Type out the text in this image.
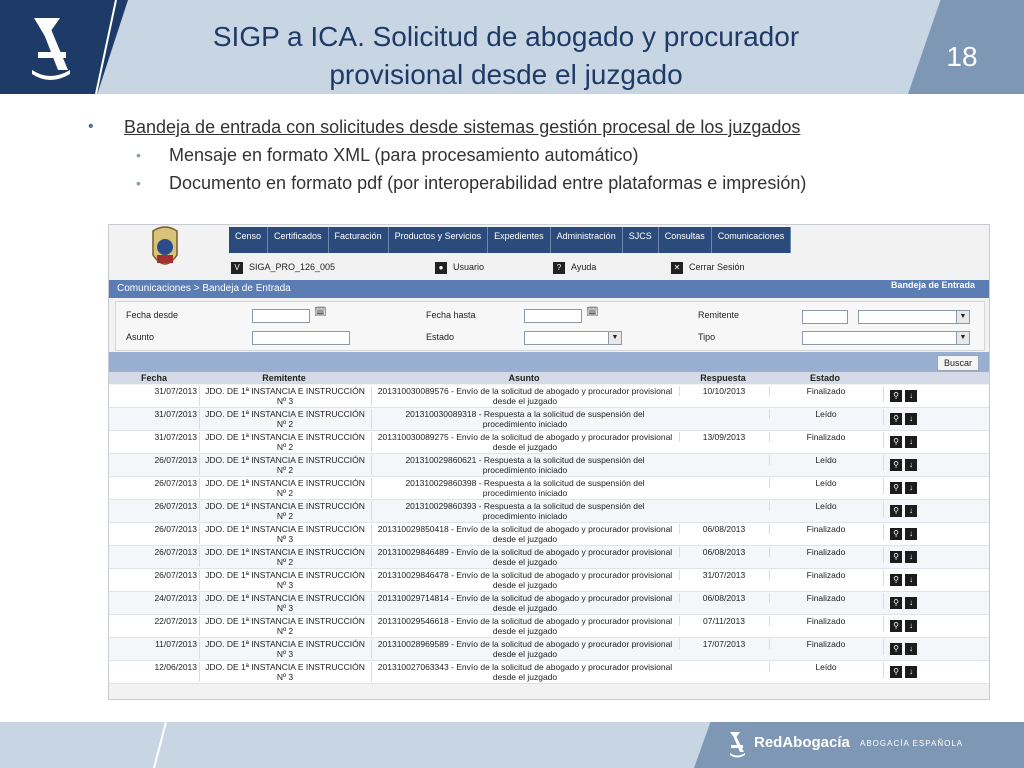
SIGP a ICA. Solicitud de abogado y procurador
provisional desde el juzgado
18
• Bandeja de entrada con solicitudes desde sistemas gestión procesal de los juzgados
• Mensaje en formato XML (para procesamiento automático)
• Documento en formato pdf (por interoperabilidad entre plataformas e impresión)
Censo	Certificados	Facturación	Productos y Servicios	Expedientes	Administración	SJCS	Consultas	Comunicaciones
V SIGA_PRO_126_005	● Usuario	? Ayuda	✕ Cerrar Sesión
Comunicaciones > Bandeja de Entrada	Bandeja de Entrada
Fecha desde	🗓	Fecha hasta	🗓	Remitente
▼
Asunto	Estado
▼	Tipo
▼
Buscar
Fecha	Remitente	Asunto	Respuesta	Estado
31/07/2013 JDO. DE 1ª INSTANCIA E INSTRUCCIÓN
Nº 3
201310030089576 - Envío de la solicitud de abogado y procurador provisional
desde el juzgado
10/10/2013	Finalizado	⚲ ↓
31/07/2013 JDO. DE 1ª INSTANCIA E INSTRUCCIÓN
Nº 2
201310030089318 - Respuesta a la solicitud de suspensión del
procedimiento iniciado
Leído	⚲ ↓
31/07/2013 JDO. DE 1ª INSTANCIA E INSTRUCCIÓN
Nº 2
201310030089275 - Envío de la solicitud de abogado y procurador provisional
desde el juzgado
13/09/2013	Finalizado	⚲ ↓
26/07/2013 JDO. DE 1ª INSTANCIA E INSTRUCCIÓN
Nº 2
201310029860621 - Respuesta a la solicitud de suspensión del
procedimiento iniciado
Leído	⚲ ↓
26/07/2013 JDO. DE 1ª INSTANCIA E INSTRUCCIÓN
Nº 2
201310029860398 - Respuesta a la solicitud de suspensión del
procedimiento iniciado
Leído	⚲ ↓
26/07/2013 JDO. DE 1ª INSTANCIA E INSTRUCCIÓN
Nº 2
201310029860393 - Respuesta a la solicitud de suspensión del
procedimiento iniciado
Leído	⚲ ↓
26/07/2013 JDO. DE 1ª INSTANCIA E INSTRUCCIÓN
Nº 3
201310029850418 - Envío de la solicitud de abogado y procurador provisional
desde el juzgado
06/08/2013	Finalizado	⚲ ↓
26/07/2013 JDO. DE 1ª INSTANCIA E INSTRUCCIÓN
Nº 2
201310029846489 - Envío de la solicitud de abogado y procurador provisional
desde el juzgado
06/08/2013	Finalizado	⚲ ↓
26/07/2013 JDO. DE 1ª INSTANCIA E INSTRUCCIÓN
Nº 3
201310029846478 - Envío de la solicitud de abogado y procurador provisional
desde el juzgado
31/07/2013	Finalizado	⚲ ↓
24/07/2013 JDO. DE 1ª INSTANCIA E INSTRUCCIÓN
Nº 3
201310029714814 - Envío de la solicitud de abogado y procurador provisional
desde el juzgado
06/08/2013	Finalizado	⚲ ↓
22/07/2013 JDO. DE 1ª INSTANCIA E INSTRUCCIÓN
Nº 2
201310029546618 - Envío de la solicitud de abogado y procurador provisional
desde el juzgado
07/11/2013	Finalizado	⚲ ↓
11/07/2013 JDO. DE 1ª INSTANCIA E INSTRUCCIÓN
Nº 3
201310028969589 - Envío de la solicitud de abogado y procurador provisional
desde el juzgado
17/07/2013	Finalizado	⚲ ↓
12/06/2013 JDO. DE 1ª INSTANCIA E INSTRUCCIÓN
Nº 3
201310027063343 - Envío de la solicitud de abogado y procurador provisional
desde el juzgado
Leído	⚲ ↓
RedAbogacía ABOGACÍA ESPAÑOLA
